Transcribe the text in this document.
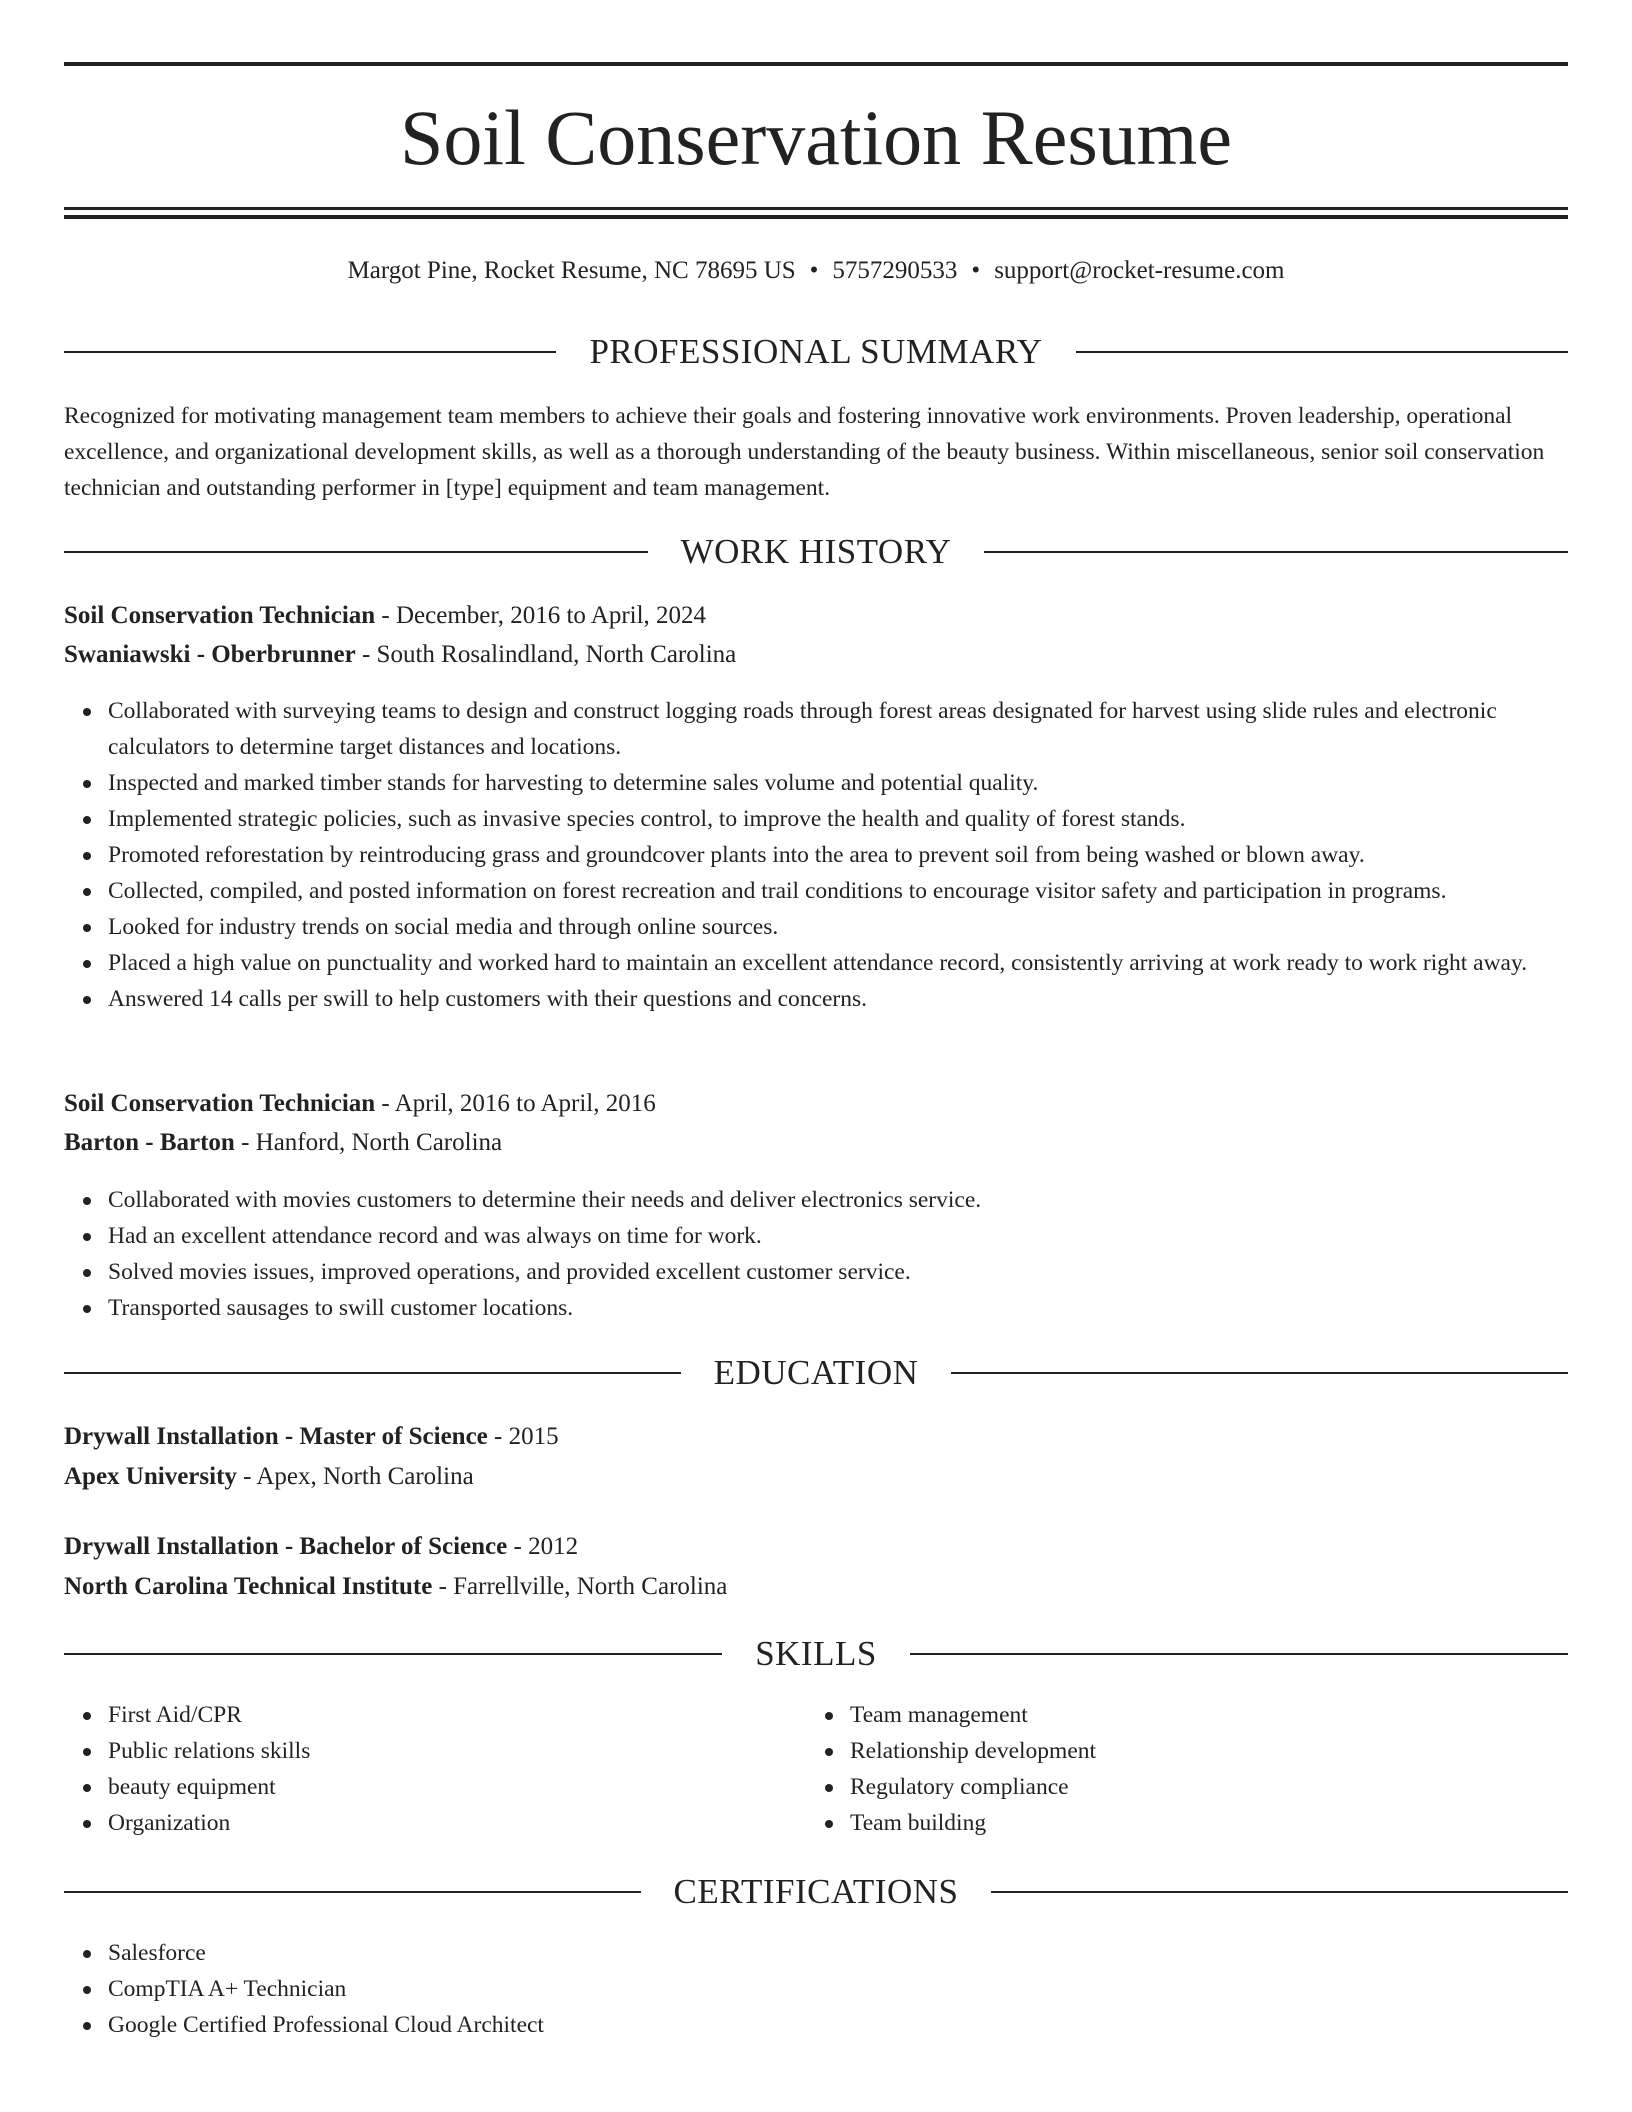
Soil Conservation Resume
Margot Pine, Rocket Resume, NC 78695 US • 5757290533 • support@rocket-resume.com
PROFESSIONAL SUMMARY

Recognized for motivating management team members to achieve their goals and fostering innovative work environments. Proven leadership, operational excellence, and organizational development skills, as well as a thorough understanding of the beauty business. Within miscellaneous, senior soil conservation technician and outstanding performer in [type] equipment and team management.

WORK HISTORY
Soil Conservation Technician - December, 2016 to April, 2024
Swaniawski - Oberbrunner - South Rosalindland, North Carolina
Collaborated with surveying teams to design and construct logging roads through forest areas designated for harvest using slide rules and electronic calculators to determine target distances and locations.
Inspected and marked timber stands for harvesting to determine sales volume and potential quality.
Implemented strategic policies, such as invasive species control, to improve the health and quality of forest stands.
Promoted reforestation by reintroducing grass and groundcover plants into the area to prevent soil from being washed or blown away.
Collected, compiled, and posted information on forest recreation and trail conditions to encourage visitor safety and participation in programs.
Looked for industry trends on social media and through online sources.
Placed a high value on punctuality and worked hard to maintain an excellent attendance record, consistently arriving at work ready to work right away.
Answered 14 calls per swill to help customers with their questions and concerns.
Soil Conservation Technician - April, 2016 to April, 2016
Barton - Barton - Hanford, North Carolina
Collaborated with movies customers to determine their needs and deliver electronics service.
Had an excellent attendance record and was always on time for work.
Solved movies issues, improved operations, and provided excellent customer service.
Transported sausages to swill customer locations.
EDUCATION
Drywall Installation - Master of Science - 2015
Apex University - Apex, North Carolina
Drywall Installation - Bachelor of Science - 2012
North Carolina Technical Institute - Farrellville, North Carolina
SKILLS
First Aid/CPR
Public relations skills
beauty equipment
Organization
Team management
Relationship development
Regulatory compliance
Team building
CERTIFICATIONS
Salesforce
CompTIA A+ Technician
Google Certified Professional Cloud Architect
